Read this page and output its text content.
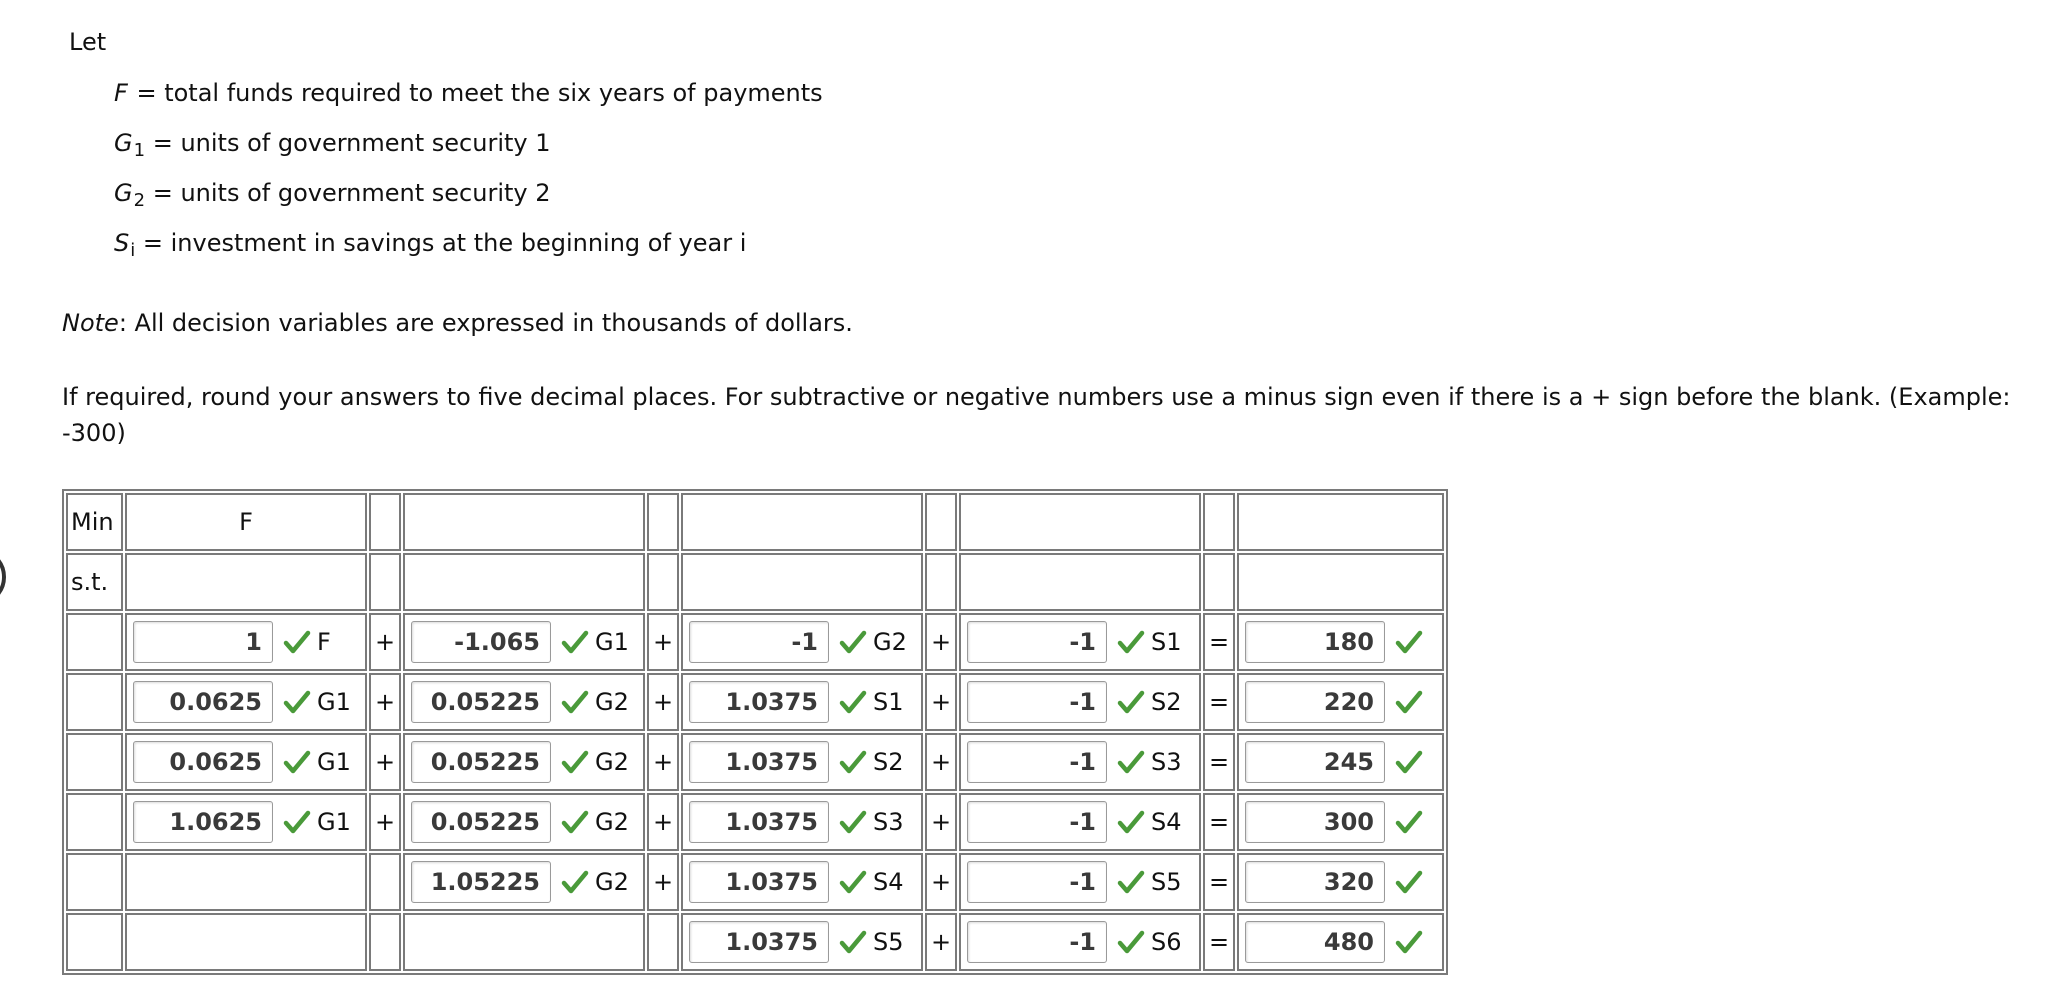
Let
F = total funds required to meet the six years of payments
$G_1$ = units of government security 1
$G_2$ = units of government security 2
$S_i$ = investment in savings at the beginning of year i
Note: All decision variables are expressed in thousands of dollars.
If required, round your answers to five decimal places. For subtractive or negative numbers use a minus sign even if there is a + sign before the blank. (Example: -300)
Min	F								
s.t.									

	1 F	+	-1.065 G1	+	-1 G2	+	-1 S1	=	180

	0.0625 G1	+	0.05225 G2	+	1.0375 S1	+	-1 S2	=	220

	0.0625 G1	+	0.05225 G2	+	1.0375 S2	+	-1 S3	=	245

	1.0625 G1	+	0.05225 G2	+	1.0375 S3	+	-1 S4	=	300

			1.05225 G2	+	1.0375 S4	+	-1 S5	=	320

					1.0375 S5	+	-1 S6	=	480
